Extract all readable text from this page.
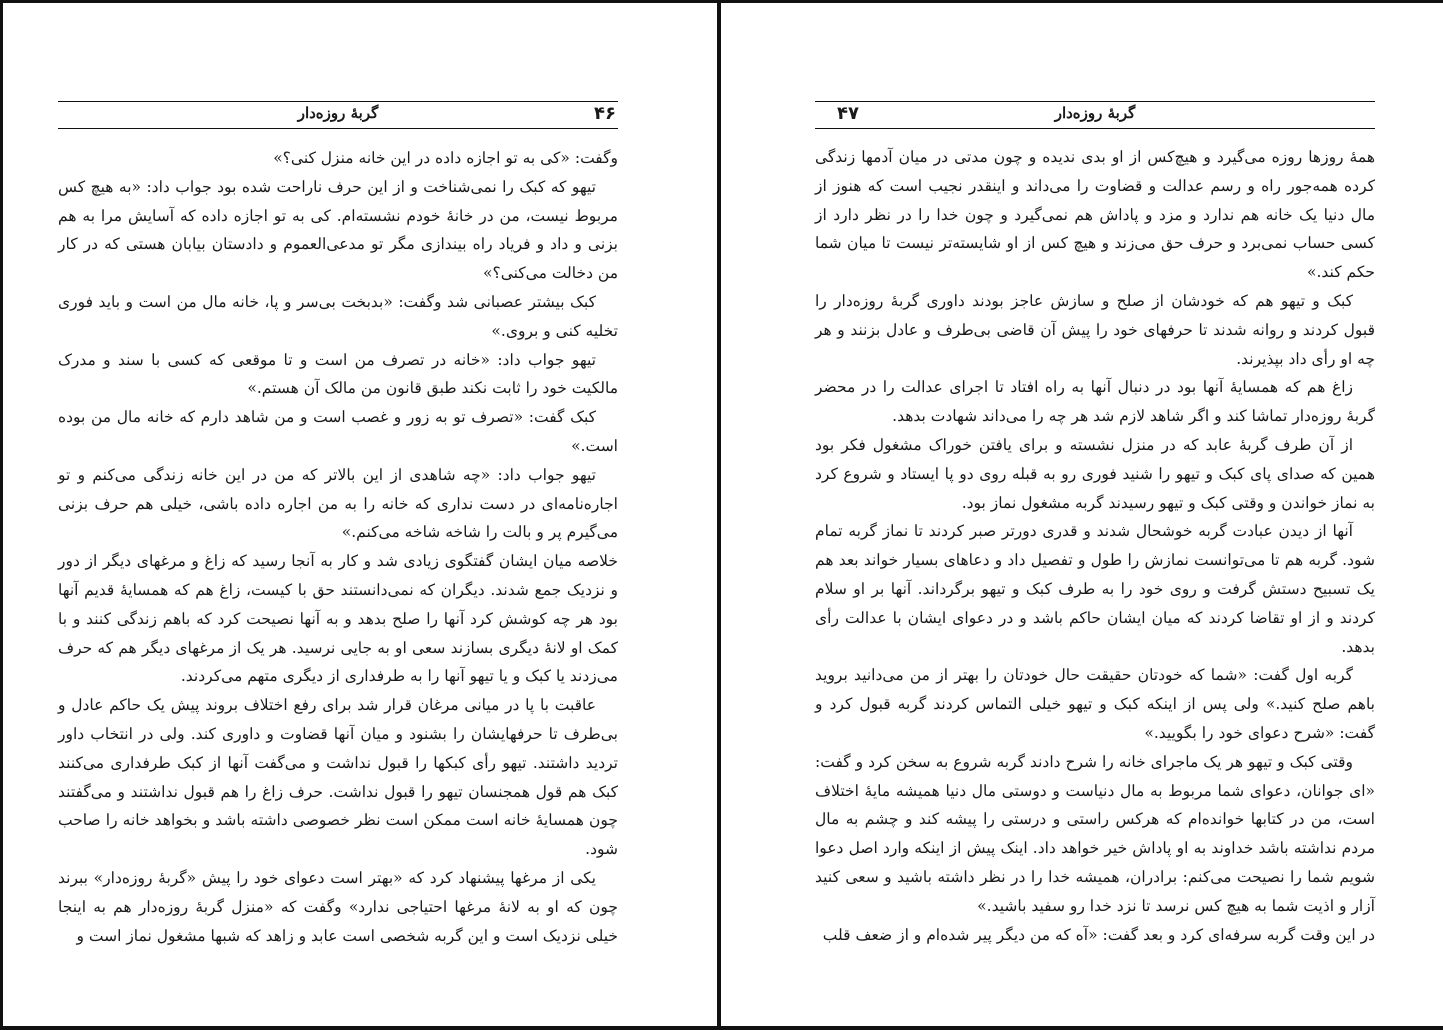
۴۶
گربهٔ روزه‌دار

وگفت: «کی به تو اجازه داده در این خانه منزل کنی؟»

تیهو که کبک را نمی‌شناخت و از این حرف ناراحت شده بود جواب داد: «به هیچ کس مربوط نیست، من در خانهٔ خودم نشسته‌ام. کی به تو اجازه داده که آسایش مرا به هم بزنی و داد و فریاد راه بیندازی مگر تو مدعی‌العموم و دادستان بیابان هستی که در کار من دخالت می‌کنی؟»

کبک بیشتر عصبانی شد وگفت: «بدبخت بی‌سر و پا، خانه مال من است و باید فوری تخلیه کنی و بروی.»

تیهو جواب داد: «خانه در تصرف من است و تا موقعی که کسی با سند و مدرک مالکیت خود را ثابت نکند طبق قانون من مالک آن هستم.»

کبک گفت: «تصرف تو به زور و غصب است و من شاهد دارم که خانه مال من بوده است.»

تیهو جواب داد: «چه شاهدی از این بالاتر که من در این خانه زندگی می‌کنم و تو اجاره‌نامه‌ای در دست نداری که خانه را به من اجاره داده باشی، خیلی هم حرف بزنی می‌گیرم پر و بالت را شاخه شاخه می‌کنم.»

خلاصه میان ایشان گفتگوی زیادی شد و کار به آنجا رسید که زاغ و مرغهای دیگر از دور و نزدیک جمع شدند. دیگران که نمی‌دانستند حق با کیست، زاغ هم که همسایهٔ قدیم آنها بود هر چه کوشش کرد آنها را صلح بدهد و به آنها نصیحت کرد که باهم زندگی کنند و با کمک او لانهٔ دیگری بسازند سعی او به جایی نرسید. هر یک از مرغهای دیگر هم که حرف می‌زدند یا کبک و یا تیهو آنها را به طرفداری از دیگری متهم می‌کردند.

عاقبت با پا در میانی مرغان قرار شد برای رفع اختلاف بروند پیش یک حاکم عادل و بی‌طرف تا حرفهایشان را بشنود و میان آنها قضاوت و داوری کند. ولی در انتخاب داور تردید داشتند. تیهو رأی کبکها را قبول نداشت و می‌گفت آنها از کبک طرفداری می‌کنند کبک هم قول همجنسان تیهو را قبول نداشت. حرف زاغ را هم قبول نداشتند و می‌گفتند چون همسایهٔ خانه است ممکن است نظر خصوصی داشته باشد و بخواهد خانه را صاحب شود.

یکی از مرغها پیشنهاد کرد که «بهتر است دعوای خود را پیش «گربهٔ روزه‌دار» ببرند چون که او به لانهٔ مرغها احتیاجی ندارد» وگفت که «منزل گربهٔ روزه‌دار هم به اینجا خیلی نزدیک است و این گربه شخصی است عابد و زاهد که شبها مشغول نماز است و

۴۷	گربهٔ روزه‌دار

همهٔ روزها روزه می‌گیرد و هیچ‌کس از او بدی ندیده و چون مدتی در میان آدمها زندگی کرده همه‌جور راه و رسم عدالت و قضاوت را می‌داند و اینقدر نجیب است که هنوز از مال دنیا یک خانه هم ندارد و مزد و پاداش هم نمی‌گیرد و چون خدا را در نظر دارد از کسی حساب نمی‌برد و حرف حق می‌زند و هیچ کس از او شایسته‌تر نیست تا میان شما حکم کند.»

کبک و تیهو هم که خودشان از صلح و سازش عاجز بودند داوری گربهٔ روزه‌دار را قبول کردند و روانه شدند تا حرفهای خود را پیش آن قاضی بی‌طرف و عادل بزنند و هر چه او رأی داد بپذیرند.

زاغ هم که همسایهٔ آنها بود در دنبال آنها به راه افتاد تا اجرای عدالت را در محضر گربهٔ روزه‌دار تماشا کند و اگر شاهد لازم شد هر چه را می‌داند شهادت بدهد.

از آن طرف گربهٔ عابد که در منزل نشسته و برای یافتن خوراک مشغول فکر بود همین که صدای پای کبک و تیهو را شنید فوری رو به قبله روی دو پا ایستاد و شروع کرد به نماز خواندن و وقتی کبک و تیهو رسیدند گربه مشغول نماز بود.

آنها از دیدن عبادت گربه خوشحال شدند و قدری دورتر صبر کردند تا نماز گربه تمام شود. گربه هم تا می‌توانست نمازش را طول و تفصیل داد و دعاهای بسیار خواند بعد هم یک تسبیح دستش گرفت و روی خود را به طرف کبک و تیهو برگرداند. آنها بر او سلام کردند و از او تقاضا کردند که میان ایشان حاکم باشد و در دعوای ایشان با عدالت رأی بدهد.

گربه اول گفت: «شما که خودتان حقیقت حال خودتان را بهتر از من می‌دانید بروید باهم صلح کنید.» ولی پس از اینکه کبک و تیهو خیلی التماس کردند گربه قبول کرد و گفت: «شرح دعوای خود را بگویید.»

وقتی کبک و تیهو هر یک ماجرای خانه را شرح دادند گربه شروع به سخن کرد و گفت: «ای جوانان، دعوای شما مربوط به مال دنیاست و دوستی مال دنیا همیشه مایهٔ اختلاف است، من در کتابها خوانده‌ام که هرکس راستی و درستی را پیشه کند و چشم به مال مردم نداشته باشد خداوند به او پاداش خیر خواهد داد. اینک پیش از اینکه وارد اصل دعوا شویم شما را نصیحت می‌کنم: برادران، همیشه خدا را در نظر داشته باشید و سعی کنید آزار و اذیت شما به هیچ کس نرسد تا نزد خدا رو سفید باشید.»

در این وقت گربه سرفه‌ای کرد و بعد گفت: «آه که من دیگر پیر شده‌ام و از ضعف قلب
